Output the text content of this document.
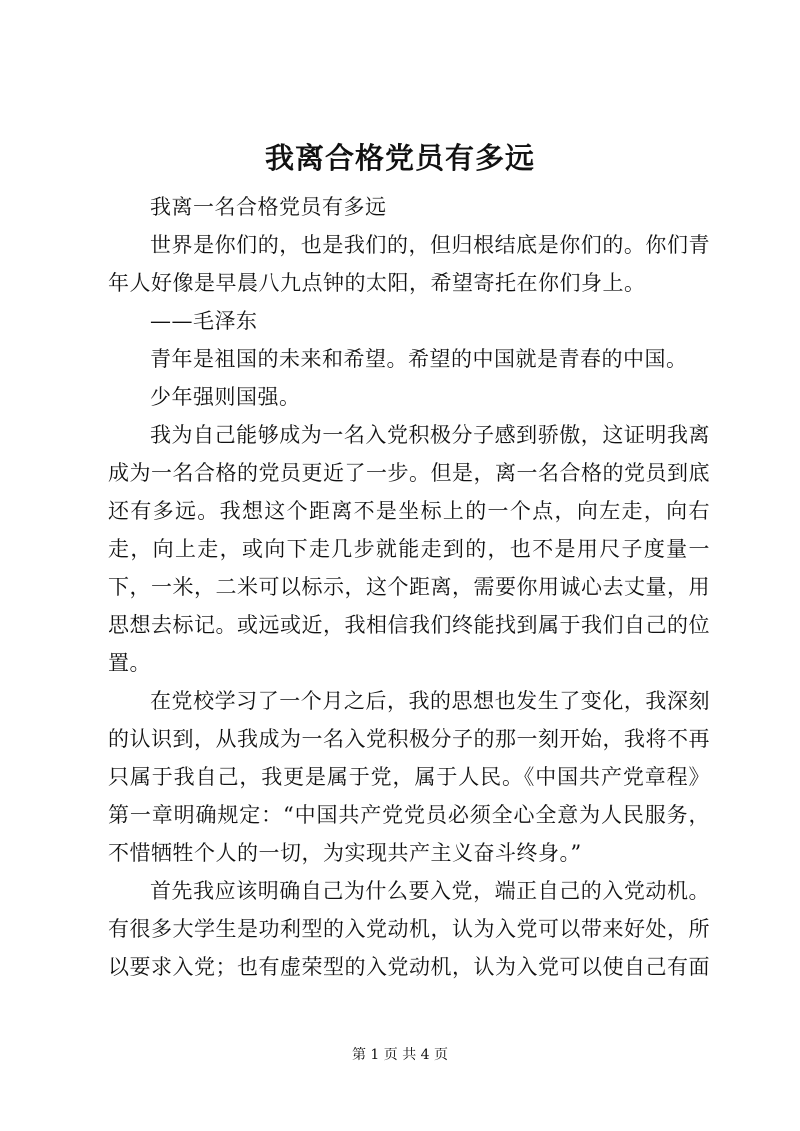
我离合格党员有多远

我离一名合格党员有多远

世界是你们的，也是我们的，但归根结底是你们的。你们青年人好像是早晨八九点钟的太阳，希望寄托在你们身上。

——毛泽东

青年是祖国的未来和希望。希望的中国就是青春的中国。

少年强则国强。

我为自己能够成为一名入党积极分子感到骄傲，这证明我离成为一名合格的党员更近了一步。但是，离一名合格的党员到底还有多远。我想这个距离不是坐标上的一个点，向左走，向右走，向上走，或向下走几步就能走到的，也不是用尺子度量一下，一米，二米可以标示，这个距离，需要你用诚心去丈量，用思想去标记。或远或近，我相信我们终能找到属于我们自己的位置。

在党校学习了一个月之后，我的思想也发生了变化，我深刻的认识到，从我成为一名入党积极分子的那一刻开始，我将不再只属于我自己，我更是属于党，属于人民。《中国共产党章程》第一章明确规定：“中国共产党党员必须全心全意为人民服务，不惜牺牲个人的一切，为实现共产主义奋斗终身。”

首先我应该明确自己为什么要入党，端正自己的入党动机。有很多大学生是功利型的入党动机，认为入党可以带来好处，所以要求入党；也有虚荣型的入党动机，认为入党可以使自己有面

第 1 页 共 4 页
